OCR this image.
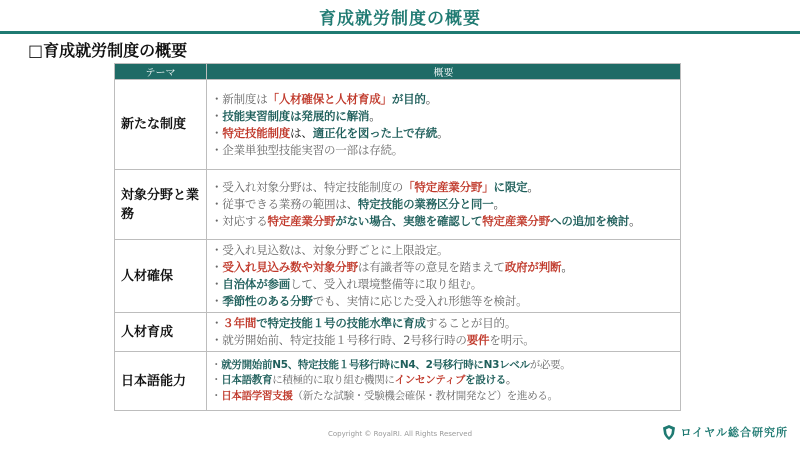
育成就労制度の概要
□育成就労制度の概要
テーマ	概要
新たな制度	・新制度は「人材確保と人材育成」が目的。
・技能実習制度は発展的に解消。
・特定技能制度は、適正化を図った上で存続。
・企業単独型技能実習の一部は存続。

対象分野と業務	・受入れ対象分野は、特定技能制度の「特定産業分野」に限定。
・従事できる業務の範囲は、特定技能の業務区分と同一。
・対応する特定産業分野がない場合、実態を確認して特定産業分野への追加を検討。

人材確保	・受入れ見込数は、対象分野ごとに上限設定。
・受入れ見込み数や対象分野は有識者等の意見を踏まえて政府が判断。
・自治体が参画して、受入れ環境整備等に取り組む。
・季節性のある分野でも、実情に応じた受入れ形態等を検討。

人材育成	・３年間で特定技能１号の技能水準に育成することが目的。
・就労開始前、特定技能１号移行時、2号移行時の要件を明示。

日本語能力	・就労開始前N5、特定技能１号移行時にN4、2号移行時にN3レベルが必要。
・日本語教育に積極的に取り組む機関にインセンティブを設ける。
・日本語学習支援（新たな試験・受験機会確保・教材開発など）を進める。
Copyright © RoyalRI. All Rights Reserved	ロイヤル総合研究所
